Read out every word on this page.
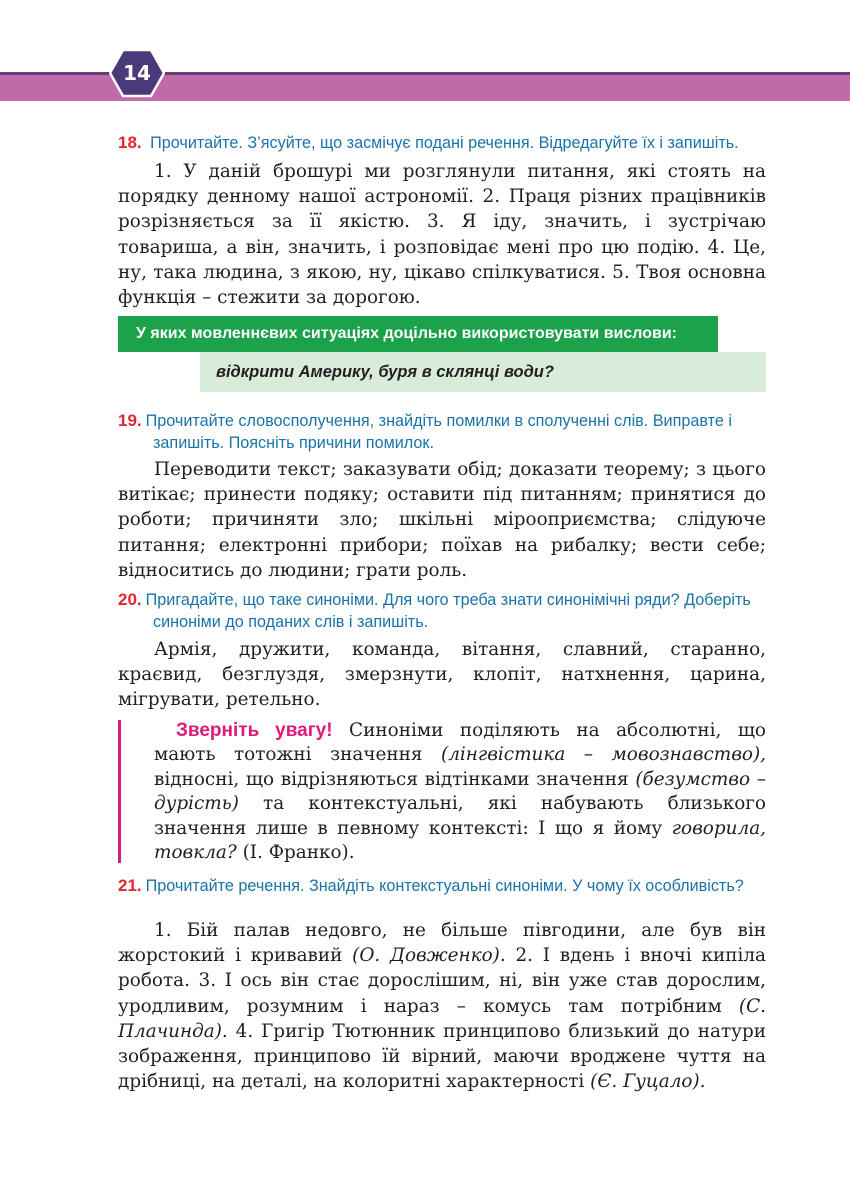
14
18. Прочитайте. З’ясуйте, що засмічує подані речення. Відредагуйте їх і запишіть.
1. У даній брошурі ми розглянули питання, які стоять на порядку денному нашої астрономії. 2. Праця різних працівників розрізняється за її якістю. 3. Я іду, значить, і зустрічаю товариша, а він, значить, і розповідає мені про цю подію. 4. Це, ну, така людина, з якою, ну, цікаво спілкуватися. 5. Твоя основна функція – стежити за дорогою.
У яких мовленнєвих ситуаціях доцільно використовувати вислови:
відкрити Америку, буря в склянці води?
19. Прочитайте словосполучення, знайдіть помилки в сполученні слів. Виправте і запишіть. Поясніть причини помилок.
Переводити текст; заказувати обід; доказати теорему; з цього витікає; принести подяку; оставити під питанням; принятися до роботи; причиняти зло; шкільні мірооприємства; слідуюче питання; електронні прибори; поїхав на рибалку; вести себе; відноситись до людини; грати роль.
20. Пригадайте, що таке синоніми. Для чого треба знати синонімічні ряди? Доберіть синоніми до поданих слів і запишіть.
Армія, дружити, команда, вітання, славний, старанно, краєвид, безглуздя, змерзнути, клопіт, натхнення, царина, мігрувати, ретельно.
Зверніть увагу! Синоніми поділяють на абсолютні, що мають тотожні значення (лінгвістика – мовознавство), відносні, що відрізняються відтінками значення (безумство – дурість) та контекстуальні, які набувають близького значення лише в певному контексті: І що я йому говорила, товкла? (І. Франко).
21. Прочитайте речення. Знайдіть контекстуальні синоніми. У чому їх особливість?
1. Бій палав недовго, не більше півгодини, але був він жорстокий і кривавий (О. Довженко). 2. І вдень і вночі кипіла робота. 3. І ось він стає дорослішим, ні, він уже став дорослим, уродливим, розумним і нараз – комусь там потрібним (С. Плачинда). 4. Григір Тютюнник принципово близький до натури зображення, принципово їй вірний, маючи вроджене чуття на дрібниці, на деталі, на колоритні характерності (Є. Гуцало).
